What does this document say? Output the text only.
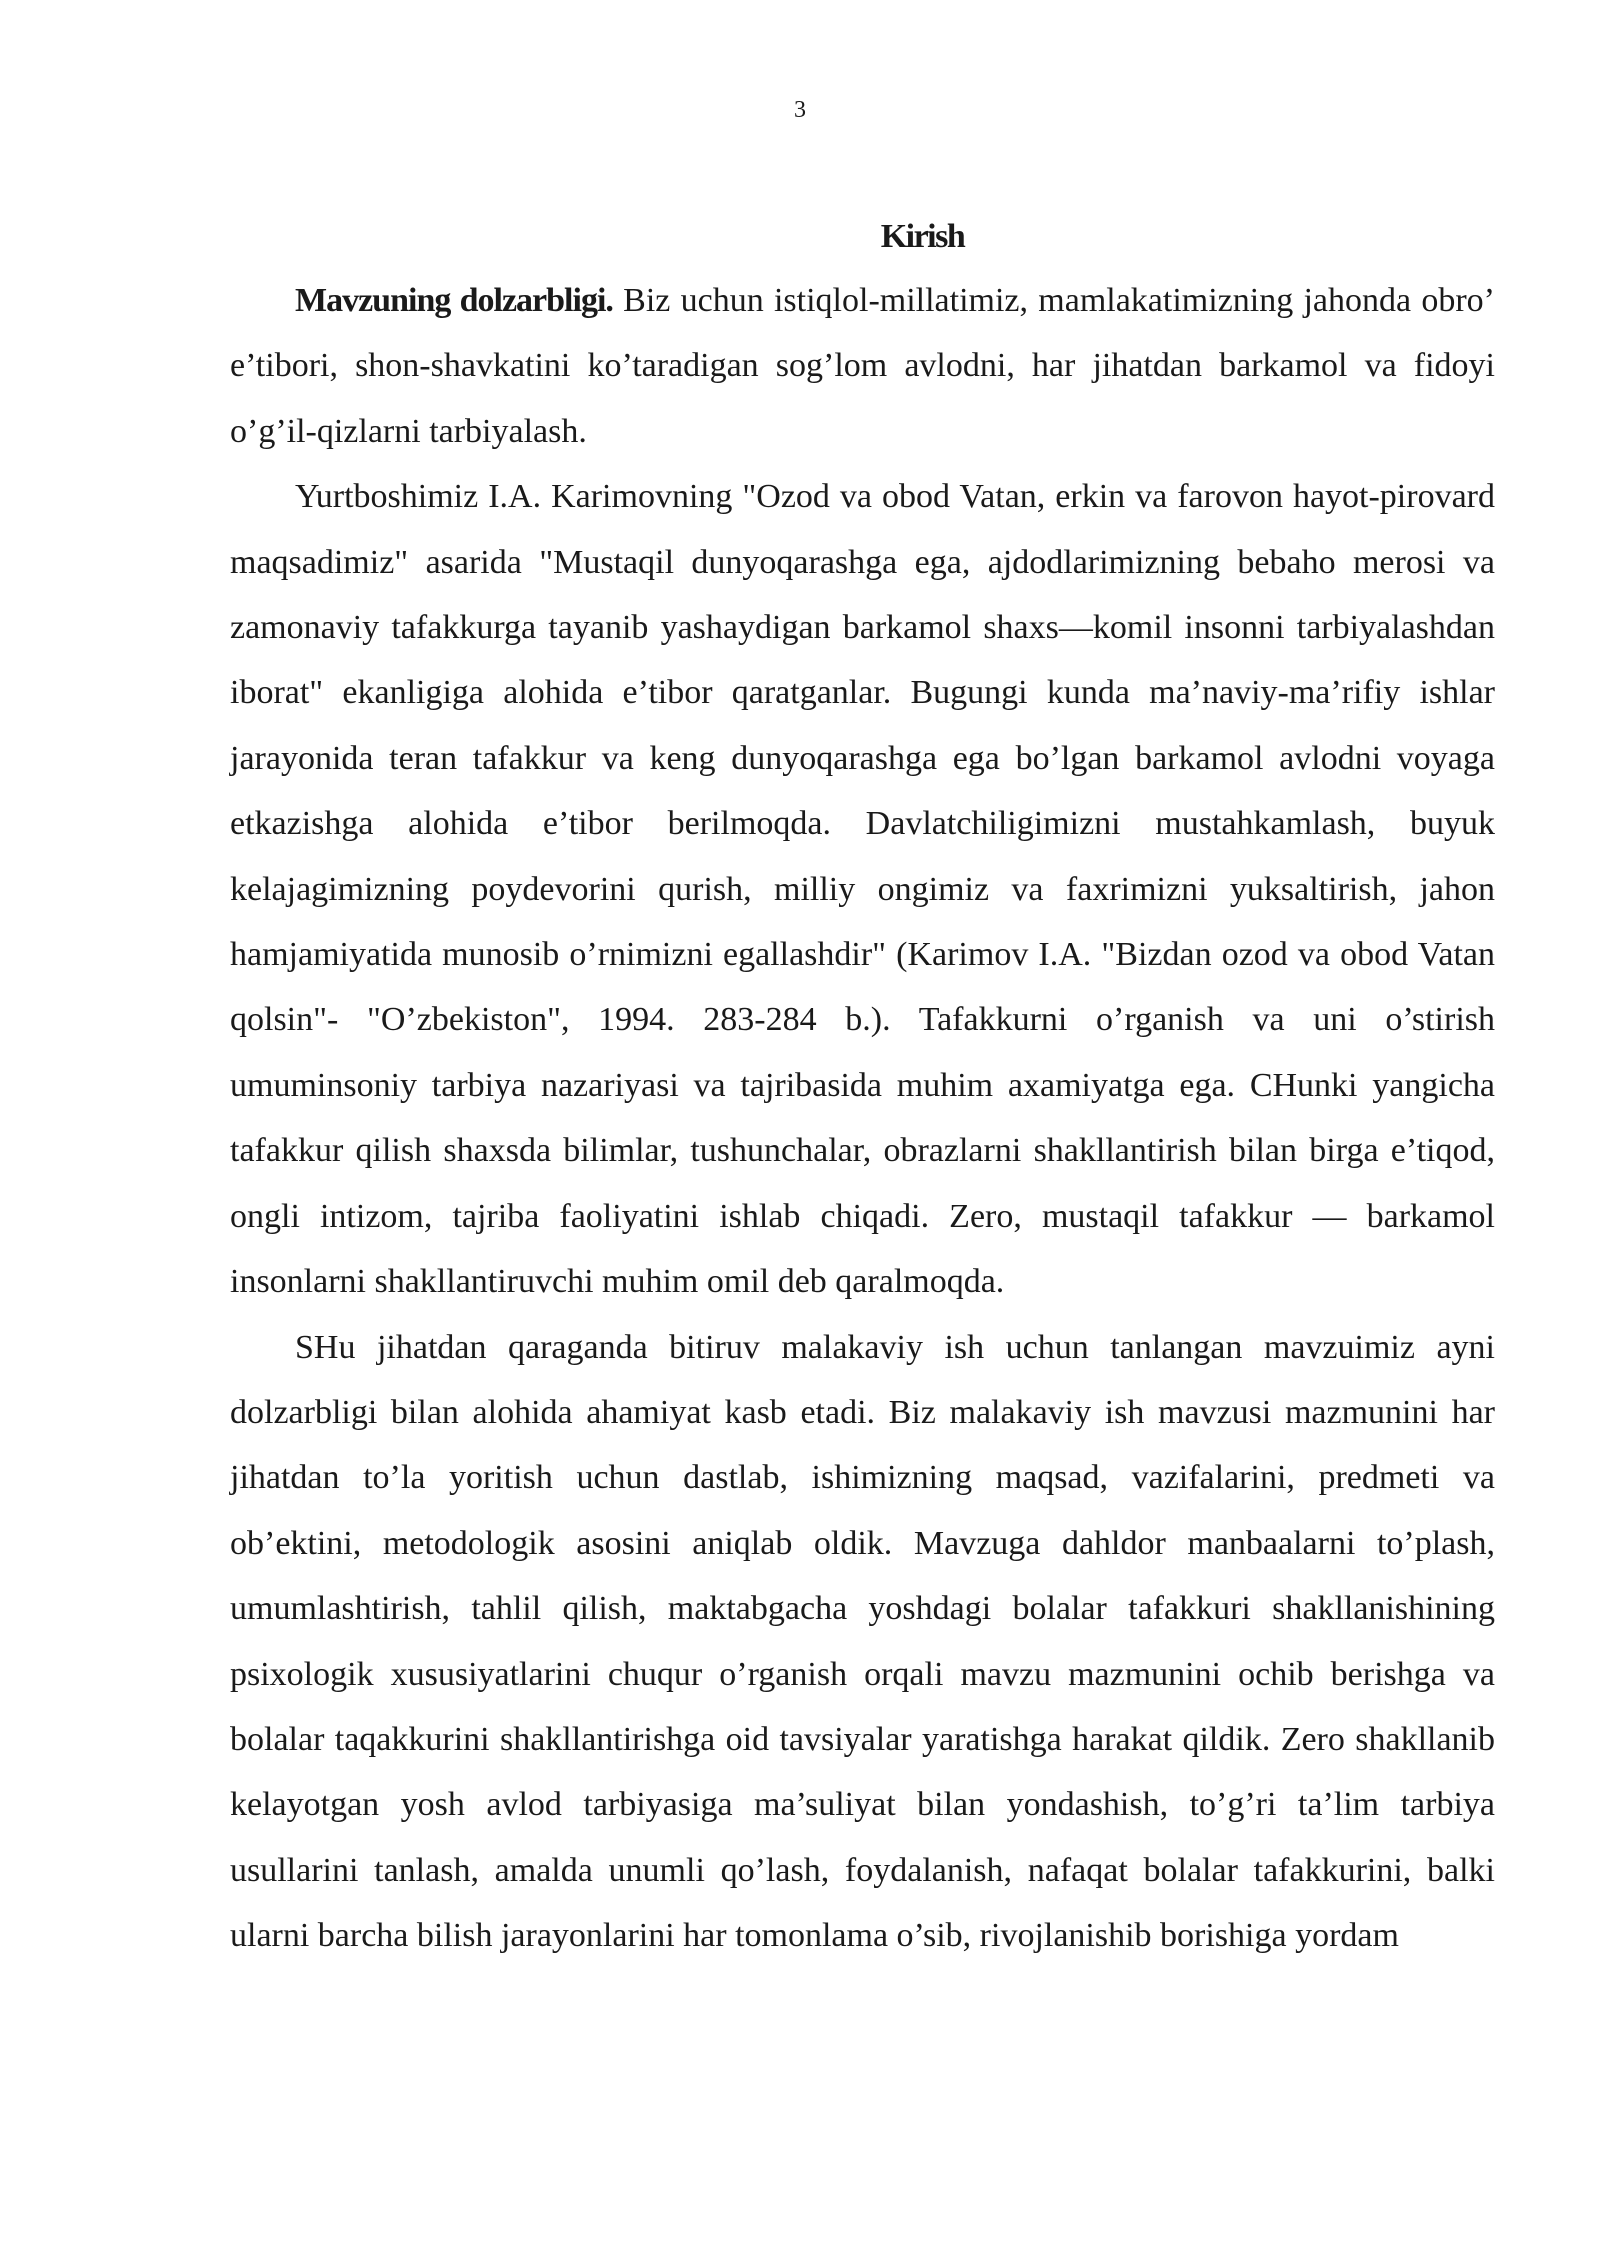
3
Kirish

Mavzuning dolzarbligi. Biz uchun istiqlol-millatimiz, mamlakatimizning jahonda obro’ e’tibori, shon-shavkatini ko’taradigan sog’lom avlodni, har jihatdan barkamol va fidoyi o’g’il-qizlarni tarbiyalash.

Yurtboshimiz I.A. Karimovning "Ozod va obod Vatan, erkin va farovon hayot-pirovard maqsadimiz" asarida "Mustaqil dunyoqarashga ega, ajdodlarimizning bebaho merosi va zamonaviy tafakkurga tayanib yashaydigan barkamol shaxs—komil insonni tarbiyalashdan iborat" ekanligiga alohida e’tibor qaratganlar. Bugungi kunda ma’naviy-ma’rifiy ishlar jarayonida teran tafakkur va keng dunyoqarashga ega bo’lgan barkamol avlodni voyaga etkazishga alohida e’tibor berilmoqda. Davlatchiligimizni mustahkamlash, buyuk kelajagimizning poydevorini qurish, milliy ongimiz va faxrimizni yuksaltirish, jahon hamjamiyatida munosib o’rnimizni egallashdir" (Karimov I.A. "Bizdan ozod va obod Vatan qolsin"- "O’zbekiston", 1994. 283-284 b.). Tafakkurni o’rganish va uni o’stirish umuminsoniy tarbiya nazariyasi va tajribasida muhim axamiyatga ega. CHunki yangicha tafakkur qilish shaxsda bilimlar, tushunchalar, obrazlarni shakllantirish bilan birga e’tiqod, ongli intizom, tajriba faoliyatini ishlab chiqadi. Zero, mustaqil tafakkur — barkamol insonlarni shakllantiruvchi muhim omil deb qaralmoqda.

SHu jihatdan qaraganda bitiruv malakaviy ish uchun tanlangan mavzuimiz ayni dolzarbligi bilan alohida ahamiyat kasb etadi. Biz malakaviy ish mavzusi mazmunini har jihatdan to’la yoritish uchun dastlab, ishimizning maqsad, vazifalarini, predmeti va ob’ektini, metodologik asosini aniqlab oldik. Mavzuga dahldor manbaalarni to’plash, umumlashtirish, tahlil qilish, maktabgacha yoshdagi bolalar tafakkuri shakllanishining psixologik xususiyatlarini chuqur o’rganish orqali mavzu mazmunini ochib berishga va bolalar taqakkurini shakllantirishga oid tavsiyalar yaratishga harakat qildik. Zero shakllanib kelayotgan yosh avlod tarbiyasiga ma’suliyat bilan yondashish, to’g’ri ta’lim tarbiya usullarini tanlash, amalda unumli qo’lash, foydalanish, nafaqat bolalar tafakkurini, balki ularni barcha bilish jarayonlarini har tomonlama o’sib, rivojlanishib borishiga yordam
